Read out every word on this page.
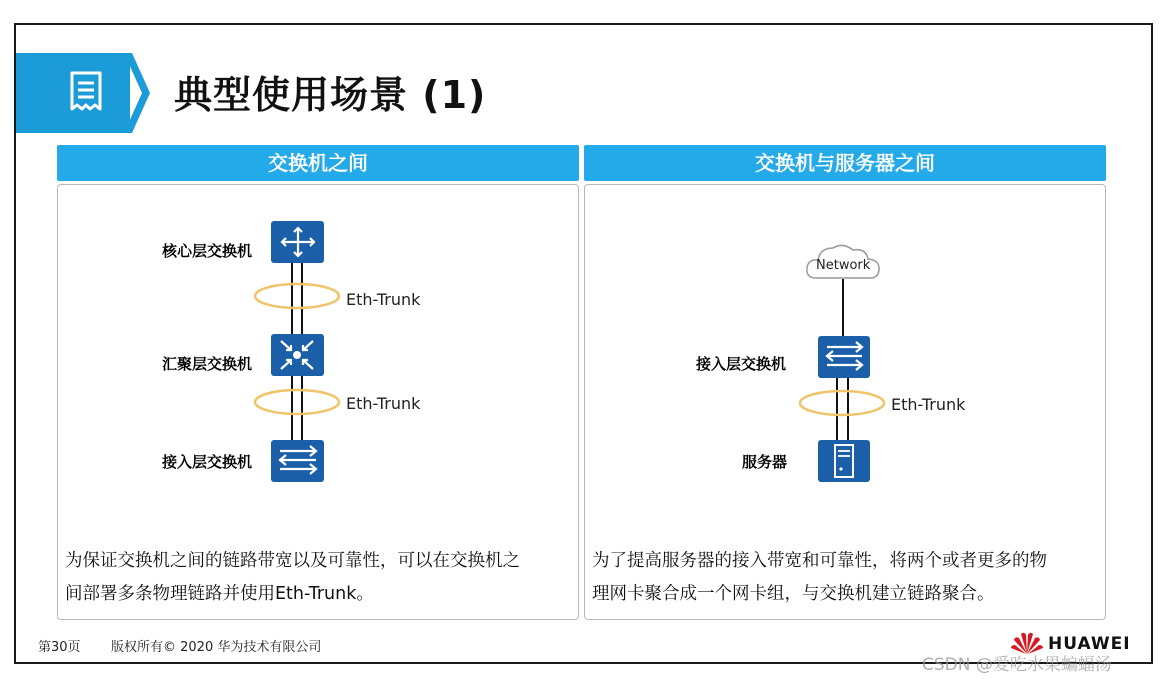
典型使用场景 (1)
交换机之间	交换机与服务器之间
核心层交换机
汇聚层交换机
接入层交换机
Eth-Trunk
Eth-Trunk
Network
接入层交换机
服务器
Eth-Trunk
为保证交换机之间的链路带宽以及可靠性，可以在交换机之
间部署多条物理链路并使用Eth-Trunk。
为了提高服务器的接入带宽和可靠性，将两个或者更多的物
理网卡聚合成一个网卡组，与交换机建立链路聚合。
第30页 版权所有© 2020 华为技术有限公司	HUAWEI
CSDN @爱吃水果蝙蝠汤
